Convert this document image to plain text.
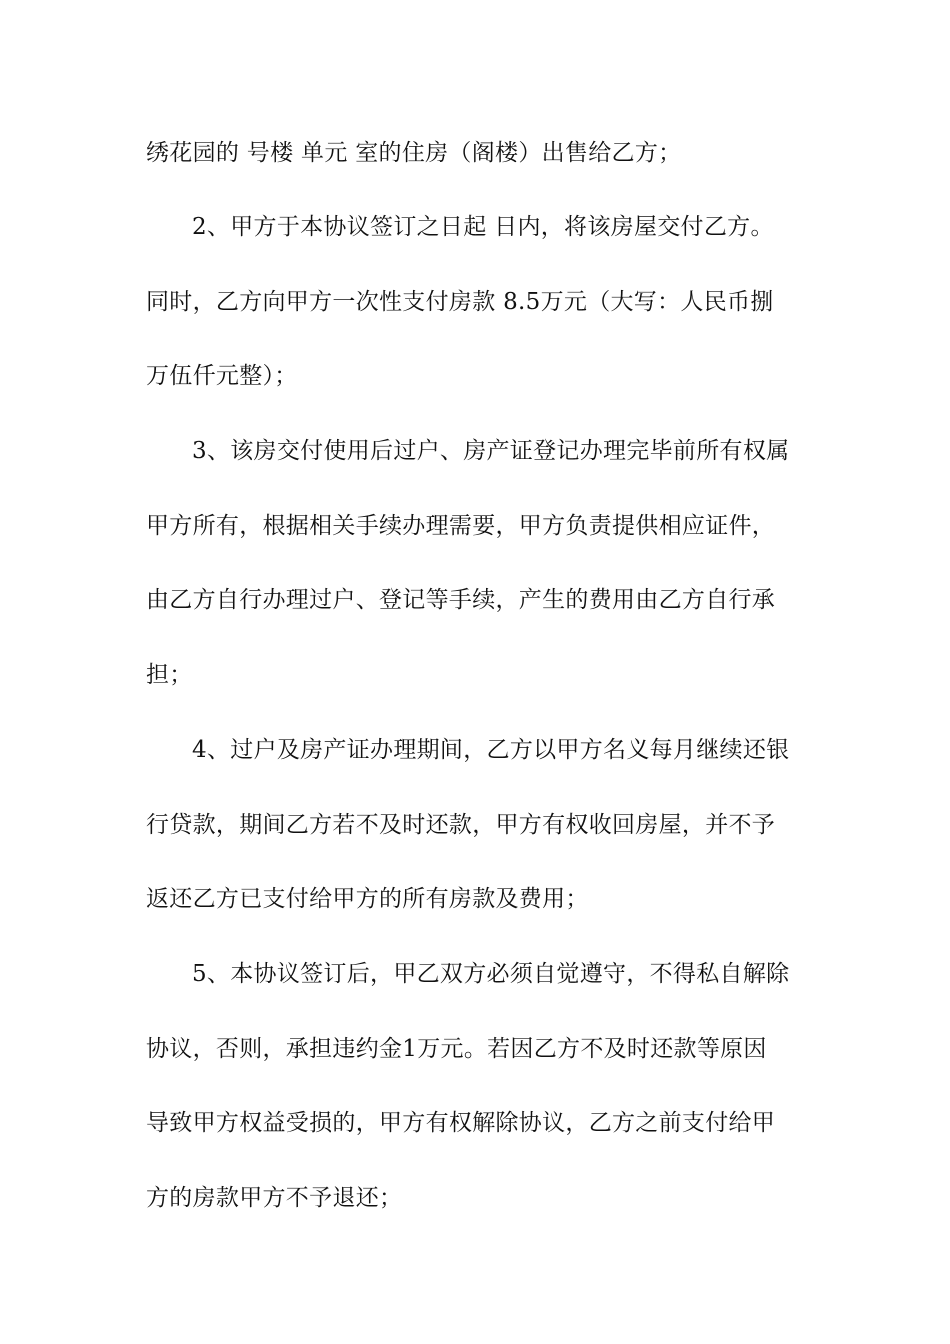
绣花园的 号楼 单元 室的住房（阁楼）出售给乙方；
2、甲方于本协议签订之日起 日内，将该房屋交付乙方。
同时，乙方向甲方一次性支付房款 8.5万元（大写：人民币捌
万伍仟元整）；
3、该房交付使用后过户、房产证登记办理完毕前所有权属
甲方所有，根据相关手续办理需要，甲方负责提供相应证件，
由乙方自行办理过户、登记等手续，产生的费用由乙方自行承
担；
4、过户及房产证办理期间，乙方以甲方名义每月继续还银
行贷款，期间乙方若不及时还款，甲方有权收回房屋，并不予
返还乙方已支付给甲方的所有房款及费用；
5、本协议签订后，甲乙双方必须自觉遵守，不得私自解除
协议，否则，承担违约金1万元。若因乙方不及时还款等原因
导致甲方权益受损的，甲方有权解除协议，乙方之前支付给甲
方的房款甲方不予退还；
